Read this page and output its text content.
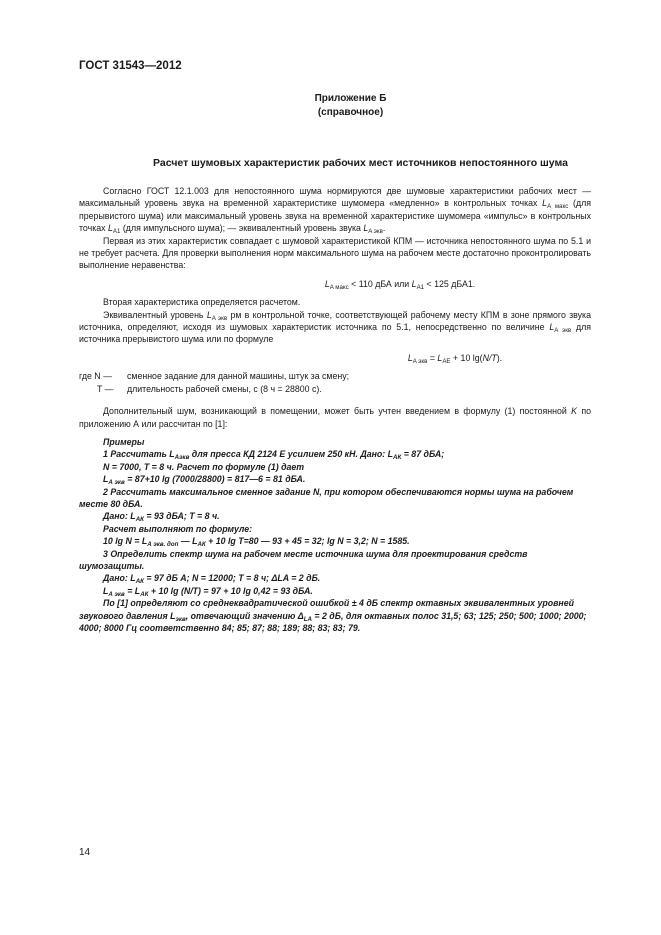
ГОСТ 31543—2012
Приложение Б
(справочное)
Расчет шумовых характеристик рабочих мест источников непостоянного шума

Согласно ГОСТ 12.1.003 для непостоянного шума нормируются две шумовые характеристики рабочих мест — максимальный уровень звука на временной характеристике шумомера «медленно» в контрольных точках $L_{A макс}$ (для прерывистого шума) или максимальный уровень звука на временной характеристике шумомера «импульс» в контрольных точках $L_{A1}$ (для импульсного шума); — эквивалентный уровень звука $L_{A экв}$.

Первая из этих характеристик совпадает с шумовой характеристикой КПМ — источника непостоянного шума по 5.1 и не требует расчета. Для проверки выполнения норм максимального шума на рабочем месте достаточно проконтролировать выполнение неравенства:

$L_{A макс} < 110$ дБА или $L_{A1} < 125$ дБА1.

Вторая характеристика определяется расчетом.

Эквивалентный уровень $L_{A экв}$ рм в контрольной точке, соответствующей рабочему месту КПМ в зоне прямого звука источника, определяют, исходя из шумовых характеристик источника по 5.1, непосредственно по величине $L_{A экв}$ для источника прерывистого шума или по формуле

$L_{A экв} = L_{AE} + 10$ lg(N/T).
где N —	сменное задание для данной машины, штук за смену;
T —	длительность рабочей смены, с (8 ч = 28800 с).

Дополнительный шум, возникающий в помещении, может быть учтен введением в формулу (1) постоянной K по приложению А или рассчитан по [1]:

Примеры

1 Рассчитать $L_{Аэкв}$ для пресса КД 2124 Е усилием 250 кН. Дано: $L_{АК} = 87$ дБА;

N = 7000, T = 8 ч. Расчет по формуле (1) дает

$L_{А экв} = 87+10$ lg (7000/28800) = 817—6 = 81 дБА.

2 Рассчитать максимальное сменное задание N, при котором обеспечиваются нормы шума на рабочем месте 80 дБА.

Дано: $L_{АК} = 93$ дБА; Т = 8 ч.

Расчет выполняют по формуле:

10 $\lg N = L_{А экв. доп}$ — $L_{АК} + 10$ lg T=80 — 93 + 45 = 32; lg N = 3,2; N = 1585.

3 Определить спектр шума на рабочем месте источника шума для проектирования средств шумозащиты.

Дано: $L_{АК} = 97$ дБ А; N = 12000; T = 8 ч; ΔLA = 2 дБ.

$L_{А экв} = L_{АК} + 10$ lg (N/T) = 97 + 10 lg 0,42 = 93 дБА.

По [1] определяют со среднеквадратической ошибкой ± 4 дБ спектр октавных эквивалентных уровней звукового давления $L_{экв}$, отвечающий значению $\Delta_{LA} = 2$ дБ, для октавных полос 31,5; 63; 125; 250; 500; 1000; 2000; 4000; 8000 Гц соответственно 84; 85; 87; 88; 189; 88; 83; 83; 79.

14
